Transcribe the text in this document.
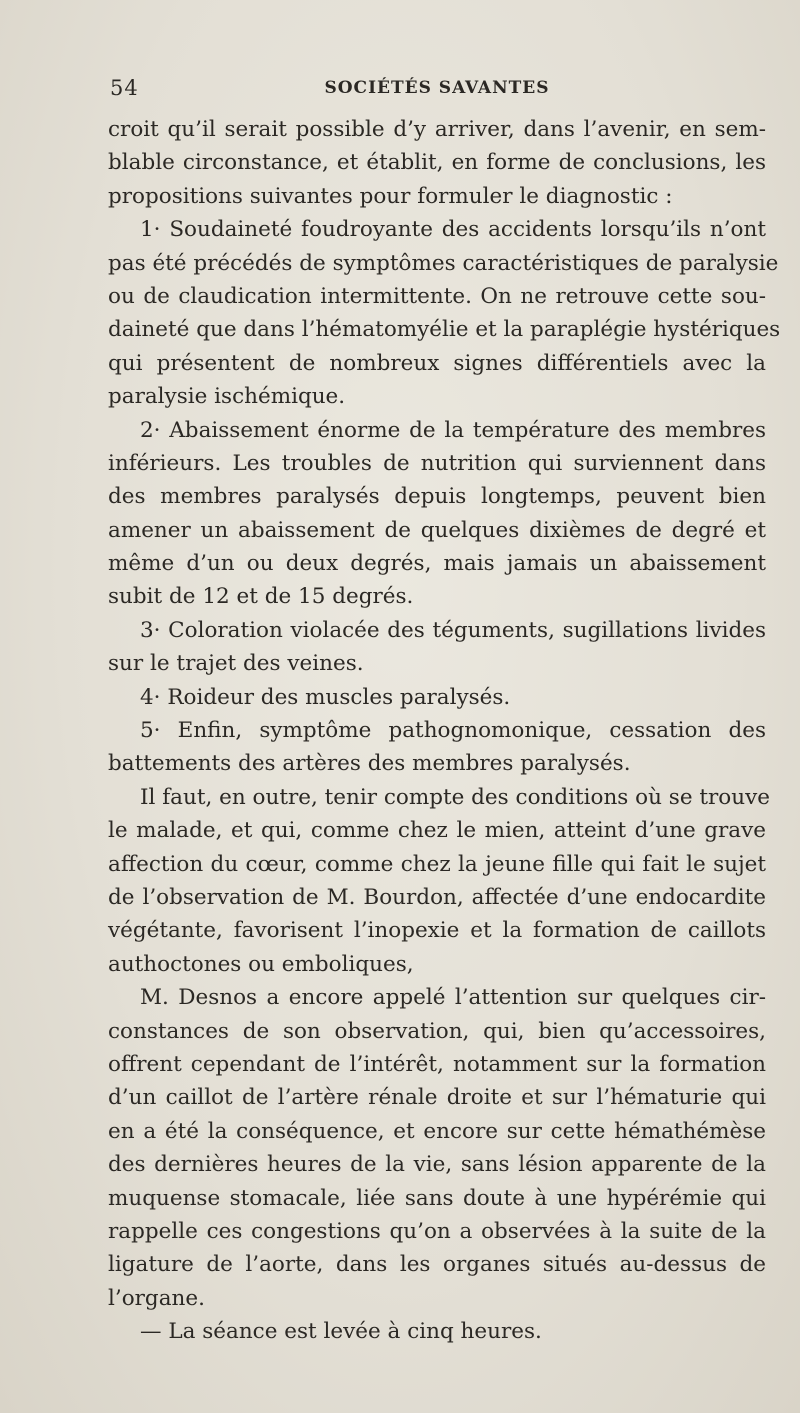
54	SOCIÉTÉS SAVANTES
croit qu’il serait possible d’y arriver, dans l’avenir, en sem-
blable circonstance, et établit, en forme de conclusions, les
propositions suivantes pour formuler le diagnostic :
1· Soudaineté foudroyante des accidents lorsqu’ils n’ont
pas été précédés de symptômes caractéristiques de paralysie
ou de claudication intermittente. On ne retrouve cette sou-
daineté que dans l’hématomyélie et la paraplégie hystériques
qui présentent de nombreux signes différentiels avec la
paralysie ischémique.
2· Abaissement énorme de la température des membres
inférieurs. Les troubles de nutrition qui surviennent dans
des membres paralysés depuis longtemps, peuvent bien
amener un abaissement de quelques dixièmes de degré et
même d’un ou deux degrés, mais jamais un abaissement
subit de 12 et de 15 degrés.
3· Coloration violacée des téguments, sugillations livides
sur le trajet des veines.
4· Roideur des muscles paralysés.
5· Enfin, symptôme pathognomonique, cessation des
battements des artères des membres paralysés.
Il faut, en outre, tenir compte des conditions où se trouve
le malade, et qui, comme chez le mien, atteint d’une grave
affection du cœur, comme chez la jeune fille qui fait le sujet
de l’observation de M. Bourdon, affectée d’une endocardite
végétante, favorisent l’inopexie et la formation de caillots
authoctones ou emboliques,
M. Desnos a encore appelé l’attention sur quelques cir-
constances de son observation, qui, bien qu’accessoires,
offrent cependant de l’intérêt, notamment sur la formation
d’un caillot de l’artère rénale droite et sur l’hématurie qui
en a été la conséquence, et encore sur cette hémathémèse
des dernières heures de la vie, sans lésion apparente de la
muquense stomacale, liée sans doute à une hypérémie qui
rappelle ces congestions qu’on a observées à la suite de la
ligature de l’aorte, dans les organes situés au-dessus de
l’organe.
— La séance est levée à cinq heures.
